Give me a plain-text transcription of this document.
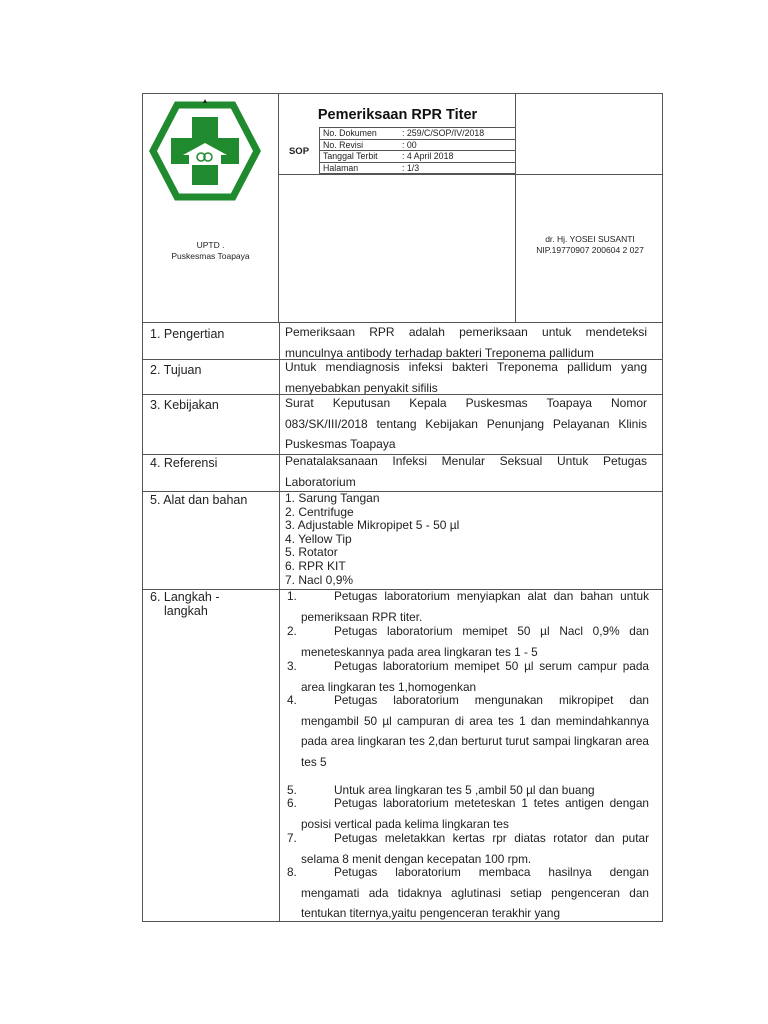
UPTD .
Puskesmas Toapaya
Pemeriksaan RPR Titer
SOP
No. Dokumen	: 259/C/SOP/IV/2018
No. Revisi	: 00
Tanggal Terbit	: 4 April 2018
Halaman	: 1/3
dr. Hj. YOSEI SUSANTI
NIP.19770907 200604 2 027
1. Pengertian	Pemeriksaan RPR adalah pemeriksaan untuk mendeteksi munculnya antibody terhadap bakteri Treponema pallidum
2. Tujuan	Untuk mendiagnosis infeksi bakteri Treponema pallidum yang menyebabkan penyakit sifilis
3. Kebijakan	Surat Keputusan Kepala Puskesmas Toapaya Nomor 083/SK/III/2018 tentang Kebijakan Penunjang Pelayanan Klinis Puskesmas Toapaya
4. Referensi	Penatalaksanaan Infeksi Menular Seksual Untuk Petugas Laboratorium
5. Alat dan bahan	1. Sarung Tangan
2. Centrifuge
3. Adjustable Mikropipet 5 - 50 µl
4. Yellow Tip
5. Rotator
6. RPR KIT
7. Nacl 0,9%
6. Langkah -
langkah
1.	Petugas laboratorium menyiapkan alat dan bahan untuk pemeriksaan RPR titer.
2.	Petugas laboratorium memipet 50 µl Nacl 0,9% dan meneteskannya pada area lingkaran tes 1 - 5
3.	Petugas laboratorium memipet 50 µl serum campur pada area lingkaran tes 1,homogenkan
4.	Petugas laboratorium mengunakan mikropipet dan mengambil 50 µl campuran di area tes 1 dan memindahkannya pada area lingkaran tes 2,dan berturut turut sampai lingkaran area tes 5
5.	Untuk area lingkaran tes 5 ,ambil 50 µl dan buang
6.	Petugas laboratorium meteteskan 1 tetes antigen dengan posisi vertical pada kelima lingkaran tes
7.	Petugas meletakkan kertas rpr diatas rotator dan putar selama 8 menit dengan kecepatan 100 rpm.
8.	Petugas laboratorium membaca hasilnya dengan mengamati ada tidaknya aglutinasi setiap pengenceran dan tentukan titernya,yaitu pengenceran terakhir yang
